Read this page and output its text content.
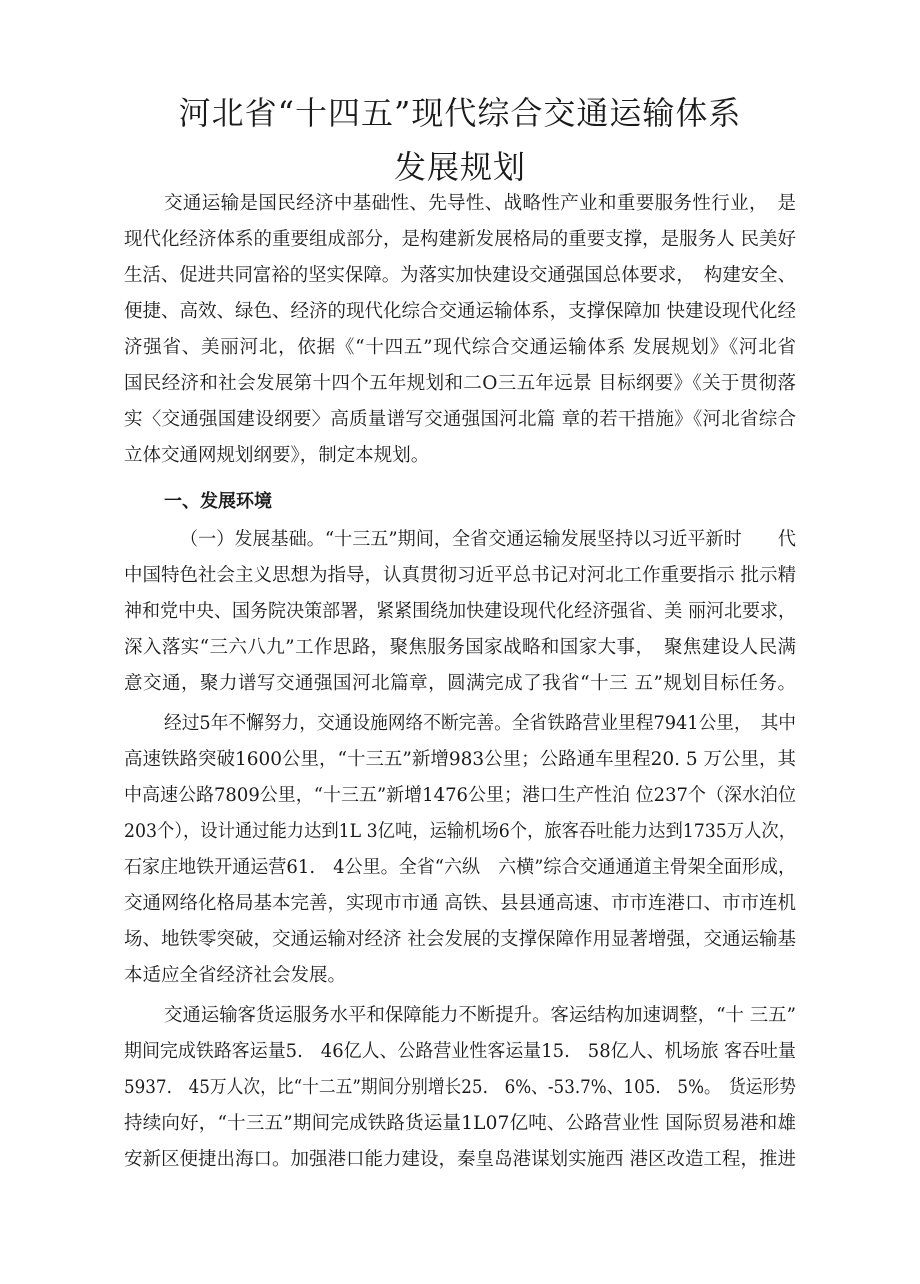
河北省“十四五”现代综合交通运输体系
发展规划

交通运输是国民经济中基础性、先导性、战略性产业和重要服务性行业，　是

现代化经济体系的重要组成部分，是构建新发展格局的重要支撑，是服务人 民美好

生活、促进共同富裕的坚实保障。为落实加快建设交通强国总体要求，　构建安全、

便捷、高效、绿色、经济的现代化综合交通运输体系，支撑保障加 快建设现代化经

济强省、美丽河北，依据《“十四五”现代综合交通运输体系 发展规划》《河北省

国民经济和社会发展第十四个五年规划和二O三五年远景 目标纲要》《关于贯彻落

实〈交通强国建设纲要〉高质量谱写交通强国河北篇 章的若干措施》《河北省综合

立体交通网规划纲要》，制定本规划。

一、发展环境

（一）发展基础。“十三五”期间，全省交通运输发展坚持以习近平新时　　代

中国特色社会主义思想为指导，认真贯彻习近平总书记对河北工作重要指示 批示精

神和党中央、国务院决策部署，紧紧围绕加快建设现代化经济强省、美 丽河北要求，

深入落实“三六八九”工作思路，聚焦服务国家战略和国家大事，　聚焦建设人民满

意交通，聚力谱写交通强国河北篇章，圆满完成了我省“十三 五”规划目标任务。

经过5年不懈努力，交通设施网络不断完善。全省铁路营业里程7941公里，　其中

高速铁路突破1600公里，“十三五”新增983公里；公路通车里程20. 5 万公里，其

中高速公路7809公里，“十三五”新增1476公里；港口生产性泊 位237个（深水泊位

203个），设计通过能力达到1L 3亿吨，运输机场6个，旅客吞吐能力达到1735万人次，

石家庄地铁开通运营61.　4公里。全省“六纵　六横”综合交通通道主骨架全面形成，

交通网络化格局基本完善，实现市市通 高铁、县县通高速、市市连港口、市市连机

场、地铁零突破，交通运输对经济 社会发展的支撑保障作用显著增强，交通运输基

本适应全省经济社会发展。

交通运输客货运服务水平和保障能力不断提升。客运结构加速调整，“十 三五”

期间完成铁路客运量5.　46亿人、公路营业性客运量15.　58亿人、机场旅 客吞吐量

5937.　45万人次，比“十二五”期间分别增长25.　6%、-53.7%、105.　5%。　货运形势

持续向好，“十三五”期间完成铁路货运量1L07亿吨、公路营业性 国际贸易港和雄

安新区便捷出海口。加强港口能力建设，秦皇岛港谋划实施西 港区改造工程，推进
